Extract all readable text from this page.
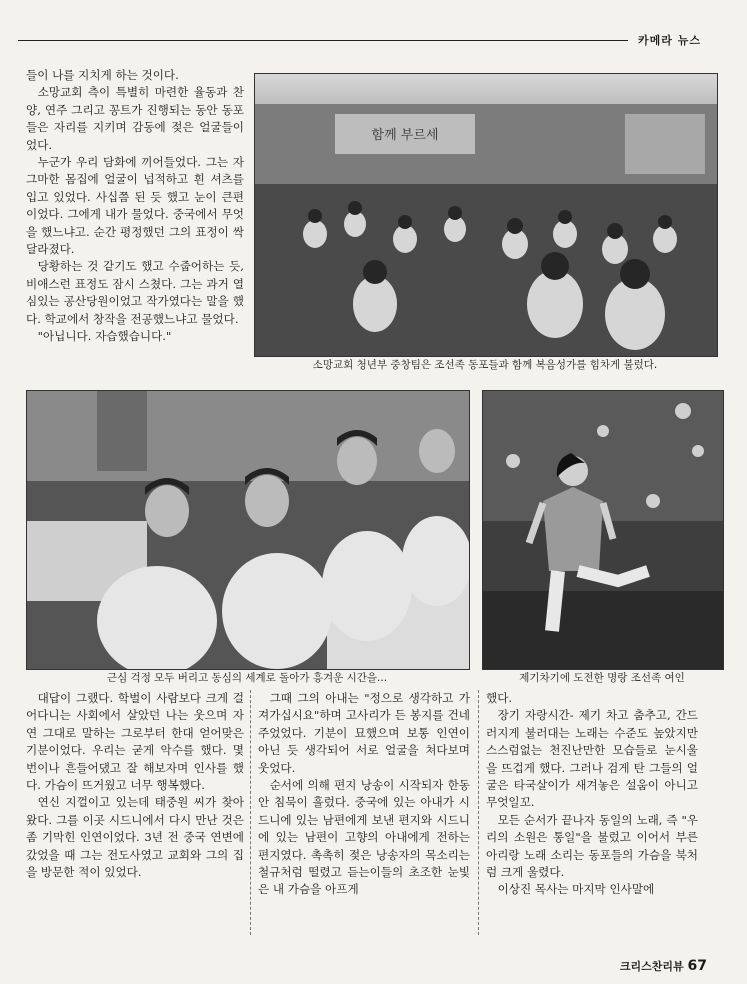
카메라 뉴스

들이 나를 지치게 하는 것이다.

소망교회 측이 특별히 마련한 율동과 찬양, 연주 그리고 꽁트가 진행되는 동안 동포들은 자리를 지키며 감동에 젖은 얼굴들이었다.

누군가 우리 담화에 끼어들었다. 그는 자그마한 몸집에 얼굴이 넙적하고 흰 셔츠를 입고 있었다. 사십쯤 된 듯 했고 눈이 큰편이었다. 그에게 내가 물었다. 중국에서 무엇을 했느냐고. 순간 평정했던 그의 표정이 싹 달라졌다.

당황하는 것 같기도 했고 수줍어하는 듯, 비애스런 표정도 잠시 스쳤다. 그는 과거 열심있는 공산당원이었고 작가였다는 말을 했다. 학교에서 창작을 전공했느냐고 물었다.

"아닙니다. 자습했습니다."

함께 부르세
소망교회 청년부 중창팀은 조선족 동포들과 함께 복음성가를 힘차게 불렀다.
근심 걱정 모두 버리고 동심의 세계로 돌아가 흥겨운 시간을...	제기차기에 도전한 명랑 조선족 여인

대답이 그랬다. 학벌이 사람보다 크게 걸어다니는 사회에서 살았던 나는 웃으며 자연 그대로 말하는 그로부터 한대 얻어맞은 기분이었다. 우리는 굳게 악수를 했다. 몇 번이나 흔들어댔고 잘 해보자며 인사를 했다. 가슴이 뜨거웠고 너무 행복했다.

연신 지껄이고 있는데 태중원 씨가 찾아왔다. 그를 이곳 시드니에서 다시 만난 것은 좀 기막힌 인연이었다. 3년 전 중국 연변에 갔었을 때 그는 전도사였고 교회와 그의 집을 방문한 적이 있었다.

그때 그의 아내는 "정으로 생각하고 가져가십시요"하며 고사리가 든 봉지를 건네 주었었다. 기분이 묘했으며 보통 인연이 아닌 듯 생각되어 서로 얼굴을 쳐다보며 웃었다.

순서에 의해 편지 낭송이 시작되자 한동안 침묵이 흘렀다. 중국에 있는 아내가 시드니에 있는 남편에게 보낸 편지와 시드니에 있는 남편이 고향의 아내에게 전하는 편지였다. 촉촉히 젖은 낭송자의 목소리는 철규처럼 떨렸고 듣는이들의 초조한 눈빛은 내 가슴을 아프게

했다.

장기 자랑시간- 제기 차고 춤추고, 간드러지게 불러대는 노래는 수준도 높았지만 스스럼없는 천진난만한 모습들로 눈시울을 뜨겁게 했다. 그러나 검게 탄 그들의 얼굴은 타국살이가 새겨놓은 설움이 아니고 무엇일꼬.

모든 순서가 끝나자 동일의 노래, 즉 "우리의 소원은 통일"을 불렀고 이어서 부른 아리랑 노래 소리는 동포들의 가슴을 북처럼 크게 울렸다.

이상진 목사는 마지막 인사말에

크리스찬리뷰 67
